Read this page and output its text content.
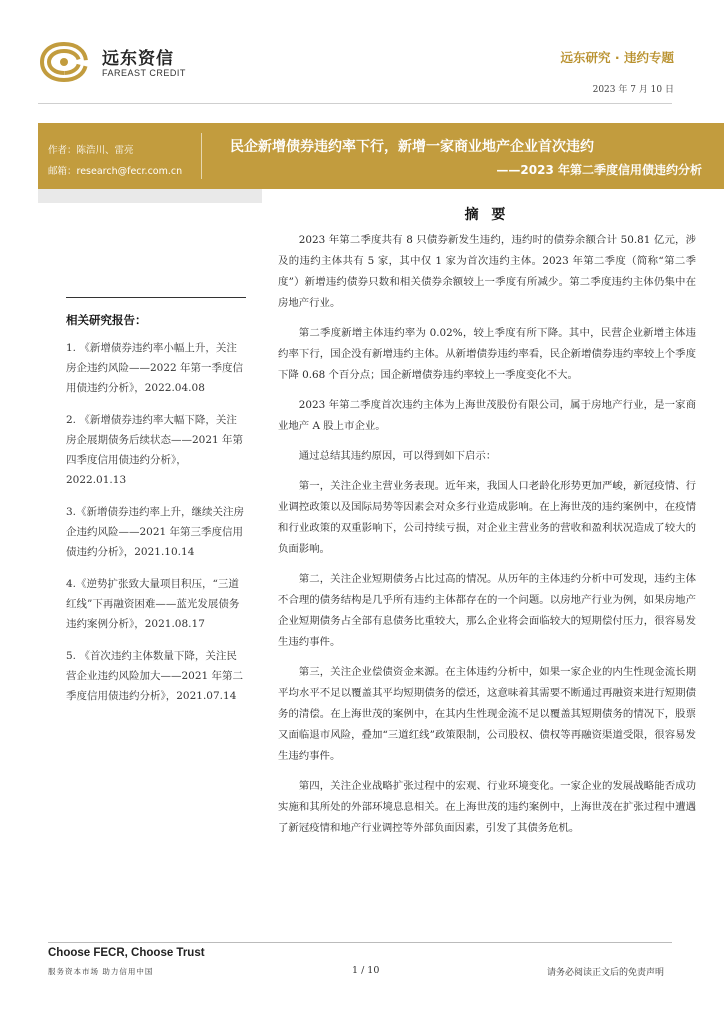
远东资信
FAREAST CREDIT
远东研究 · 违约专题
2023 年 7 月 10 日
作者：陈浩川、雷亮
邮箱：research@fecr.com.cn
民企新增债券违约率下行，新增一家商业地产企业首次违约
——2023 年第二季度信用债违约分析
相关研究报告：
1. 《新增债券违约率小幅上升，关注房企违约风险——2022 年第一季度信用债违约分析》，2022.04.08
2. 《新增债券违约率大幅下降，关注房企展期债务后续状态——2021 年第四季度信用债违约分析》，2022.01.13
3.《新增债券违约率上升，继续关注房企违约风险——2021 年第三季度信用债违约分析》，2021.10.14
4.《逆势扩张致大量项目积压，“三道红线”下再融资困难——蓝光发展债务违约案例分析》，2021.08.17
5. 《首次违约主体数量下降，关注民营企业违约风险加大——2021 年第二季度信用债违约分析》，2021.07.14
摘 要

2023 年第二季度共有 8 只债券新发生违约，违约时的债券余额合计 50.81 亿元，涉及的违约主体共有 5 家，其中仅 1 家为首次违约主体。2023 年第二季度（简称“第二季度”）新增违约债券只数和相关债券余额较上一季度有所减少。第二季度违约主体仍集中在房地产行业。

第二季度新增主体违约率为 0.02%，较上季度有所下降。其中，民营企业新增主体违约率下行，国企没有新增违约主体。从新增债券违约率看，民企新增债券违约率较上个季度下降 0.68 个百分点；国企新增债券违约率较上一季度变化不大。

2023 年第二季度首次违约主体为上海世茂股份有限公司，属于房地产行业，是一家商业地产 A 股上市企业。

通过总结其违约原因，可以得到如下启示：

第一，关注企业主营业务表现。近年来，我国人口老龄化形势更加严峻，新冠疫情、行业调控政策以及国际局势等因素会对众多行业造成影响。在上海世茂的违约案例中，在疫情和行业政策的双重影响下，公司持续亏损，对企业主营业务的营收和盈利状况造成了较大的负面影响。

第二，关注企业短期债务占比过高的情况。从历年的主体违约分析中可发现，违约主体不合理的债务结构是几乎所有违约主体都存在的一个问题。以房地产行业为例，如果房地产企业短期债务占全部有息债务比重较大，那么企业将会面临较大的短期偿付压力，很容易发生违约事件。

第三，关注企业偿债资金来源。在主体违约分析中，如果一家企业的内生性现金流长期平均水平不足以覆盖其平均短期债务的偿还，这意味着其需要不断通过再融资来进行短期债务的清偿。在上海世茂的案例中，在其内生性现金流不足以覆盖其短期债务的情况下，股票又面临退市风险，叠加“三道红线”政策限制，公司股权、债权等再融资渠道受限，很容易发生违约事件。

第四，关注企业战略扩张过程中的宏观、行业环境变化。一家企业的发展战略能否成功实施和其所处的外部环境息息相关。在上海世茂的违约案例中，上海世茂在扩张过程中遭遇了新冠疫情和地产行业调控等外部负面因素，引发了其债务危机。

Choose FECR, Choose Trust
服务资本市场 助力信用中国	1 / 10	请务必阅读正文后的免责声明
